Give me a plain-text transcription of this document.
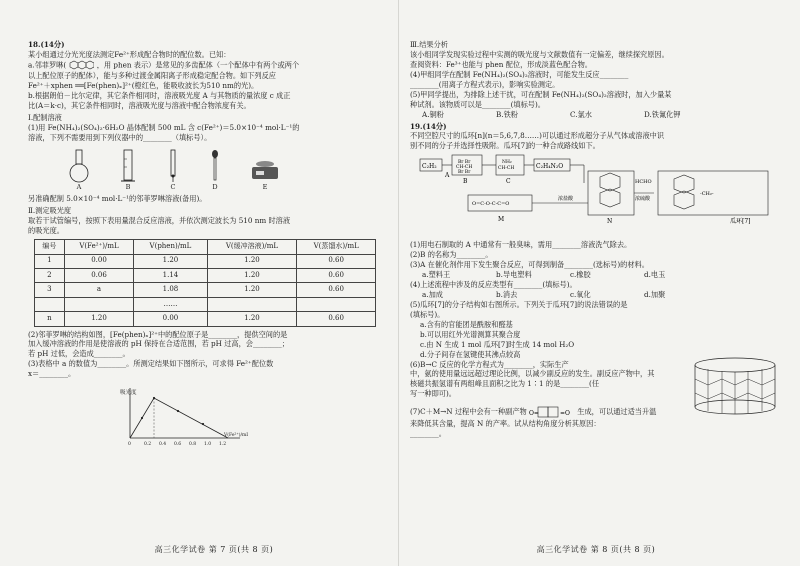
18.(14分)
某小组通过分光光度法测定Fe²⁺形成配合物时的配位数。已知：
a.邻菲罗啉(	，用 phen 表示）是常见的多齿配体（一个配体中有两个或两个
以上配位原子的配体），能与多种过渡金属阳离子形成稳定配合物。如下列反应
Fe²⁺＋xphen ══[Fe(phen)ₓ]²⁺(橙红色，能吸收波长为510 nm的光)。
b.根据朗伯－比尔定律，其它条件相同时，溶液吸光度 A 与其物质的量浓度 c 成正
比(A＝k·c)，其它条件相同时，溶液吸光度与溶液中配合物浓度有关。
Ⅰ.配制溶液
(1)用 Fe(NH₄)₂(SO₄)₂·6H₂O 晶体配制 500 mL 含 c(Fe²⁺)＝5.0×10⁻⁴ mol·L⁻¹的
溶液，下列不需要用到下列仪器中的________（填标号）。
A	B	C	D	E
另准确配制 5.0×10⁻⁴ mol·L⁻¹的邻菲罗啉溶液(备用)。
Ⅱ.测定吸光度
取若干试管编号，按照下表用量混合反应溶液，并依次测定波长为 510 nm 时溶液
的吸光度。
编号	V(Fe²⁺)/mL	V(phen)/mL	V(缓冲溶液)/mL	V(蒸馏水)/mL
1	0.00	1.20	1.20	0.60
2	0.06	1.14	1.20	0.60
3	a	1.08	1.20	0.60
		……		
n	1.20	0.00	1.20	0.60
(2)邻菲罗啉的结构如图，[Fe(phen)ₓ]²⁺中的配位原子是________，提供空间的是
加入缓冲溶液的作用是使溶液的 pH 保持在合适范围，若 pH 过高，会________；
若 pH 过低，会造成________。
(3)表格中 a 的数值为________。所测定结果如下图所示，可求得 Fe²⁺配位数
x＝________。
吸光度
0	0.2 0.4 0.6 0.8 1.0 1.2
V(Fe²⁺)/mL
高三化学试卷 第 7 页(共 8 页)
Ⅲ.结果分析
该小组同学发现实验过程中实测的吸光度与文献数值有一定偏差，继续探究原因。
查阅资料：Fe³⁺也能与 phen 配位，形成淡蓝色配合物。
(4)甲组同学在配制 Fe(NH₄)₂(SO₄)₂溶液时，可能发生反应________
________(用离子方程式表示)，影响实验测定。
(5)甲同学提出，为排除上述干扰，可在配制 Fe(NH₄)₂(SO₄)₂溶液时，加入少量某
种试剂。该物质可以是________(填标号)。
A.铜粉	B.铁粉	C.氯水	D.铁氰化钾
19.(14分)
不同空腔尺寸的瓜环[n](n＝5,6,7,8……)可以通过形成超分子从气体或溶液中识
别不同的分子并选择性吸附。瓜环[7]的一种合成路线如下。
C₂H₂
A
Br Br
CH-CH
Br Br
B
NH₂
CH-CH
C
C₂H₄N₂O
N
HCHO
浓硫酸
-CH₂-
瓜环[7]
O=C-O-C-C=O
M
浓盐酸
(1)用电石制取的 A 中通常有一般臭味，需用________溶液洗气除去。
(2)B 的名称为________。
(3)A 在催化剂作用下发生聚合反应，可得到制备________(选标号)的材料。
a.塑料王	b.导电塑料	c.橡胶	d.电玉
(4)上述流程中涉及的反应类型有________(填标号)。
a.加成	b.消去	c.氧化	d.加聚
(5)瓜环[7]的分子结构如右图所示。下列关于瓜环[7]的说法错误的是
(填标号)。
a.含有的官能团是酰胺和醛基
b.可以用红外光谱测算其聚合度
c.由 N 生成 1 mol 瓜环[7]时生成 14 mol H₂O
d.分子间存在氢键使其沸点较高
(6)B→C 反应的化学方程式为________，实际生产
中，氨的使用量远远超过理论比例，以减少副反应的发生。副反应产物中，其
核磁共振氢谱有两组峰且面积之比为 1∶1 的是________(任
写一种即可)。
(7)C＋M→N 过程中会有一种副产物 O=	=O 生成，可以通过适当升温
来降低其含量，提高 N 的产率。试从结构角度分析其原因：
________。
高三化学试卷 第 8 页(共 8 页)
